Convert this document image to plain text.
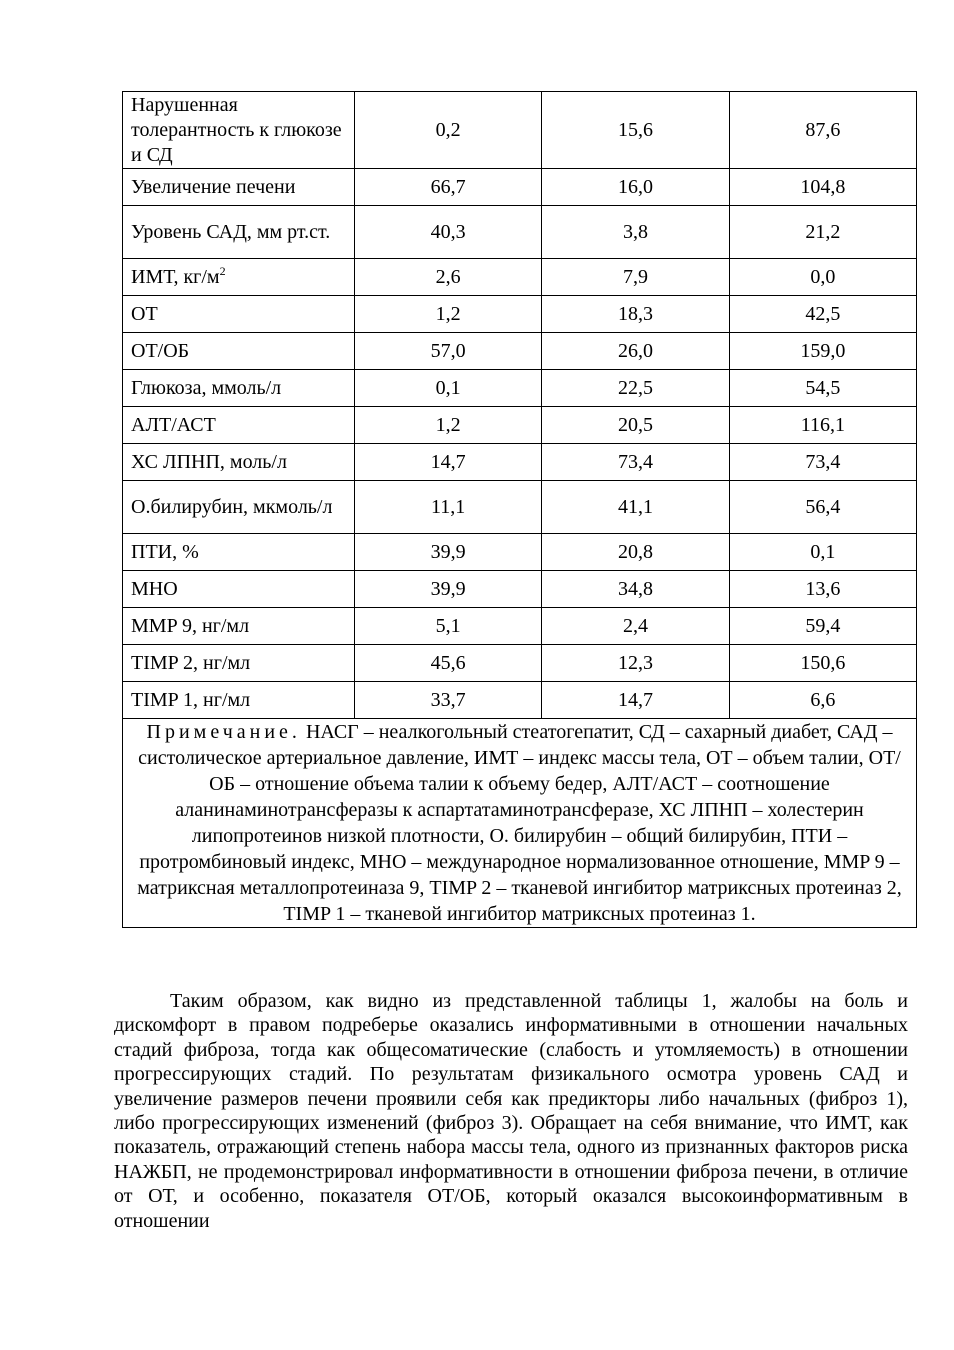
Нарушенная толерантность к глюкозе и СД	0,2	15,6	87,6
Увеличение печени	66,7	16,0	104,8
Уровень САД, мм рт.ст.	40,3	3,8	21,2
ИМТ, $кг/м^2$	2,6	7,9	0,0
ОТ	1,2	18,3	42,5
ОТ/ОБ	57,0	26,0	159,0
Глюкоза, ммоль/л	0,1	22,5	54,5
АЛТ/АСТ	1,2	20,5	116,1
ХС ЛПНП, моль/л	14,7	73,4	73,4
О.билирубин, мкмоль/л	11,1	41,1	56,4
ПТИ, %	39,9	20,8	0,1
МНО	39,9	34,8	13,6
MMP 9, нг/мл	5,1	2,4	59,4
TIMP 2, нг/мл	45,6	12,3	150,6
TIMP 1, нг/мл	33,7	14,7	6,6
Примечание. НАСГ – неалкогольный стеатогепатит, СД – сахарный диабет, САД – систолическое артериальное давление, ИМТ – индекс массы тела, ОТ – объем талии, ОТ/ОБ – отношение объема талии к объему бедер, АЛТ/АСТ – соотношение аланинаминотрансферазы к аспартатаминотрансферазе, ХС ЛПНП – холестерин липопротеинов низкой плотности, О. билирубин – общий билирубин, ПТИ – протромбиновый индекс, МНО – международное нормализованное отношение, MMP 9 – матриксная металлопротеиназа 9, TIMP 2 – тканевой ингибитор матриксных протеиназ 2, TIMP 1 – тканевой ингибитор матриксных протеиназ 1.			

Таким образом, как видно из представленной таблицы 1, жалобы на боль и дискомфорт в правом подреберье оказались информативными в отношении начальных стадий фиброза, тогда как общесоматические (слабость и утомляемость) в отношении прогрессирующих стадий. По результатам физикального осмотра уровень САД и увеличение размеров печени проявили себя как предикторы либо начальных (фиброз 1), либо прогрессирующих изменений (фиброз 3). Обращает на себя внимание, что ИМТ, как показатель, отражающий степень набора массы тела, одного из признанных факторов риска НАЖБП, не продемонстрировал информативности в отношении фиброза печени, в отличие от ОТ, и особенно, показателя ОТ/ОБ, который оказался высокоинформативным в отношении
